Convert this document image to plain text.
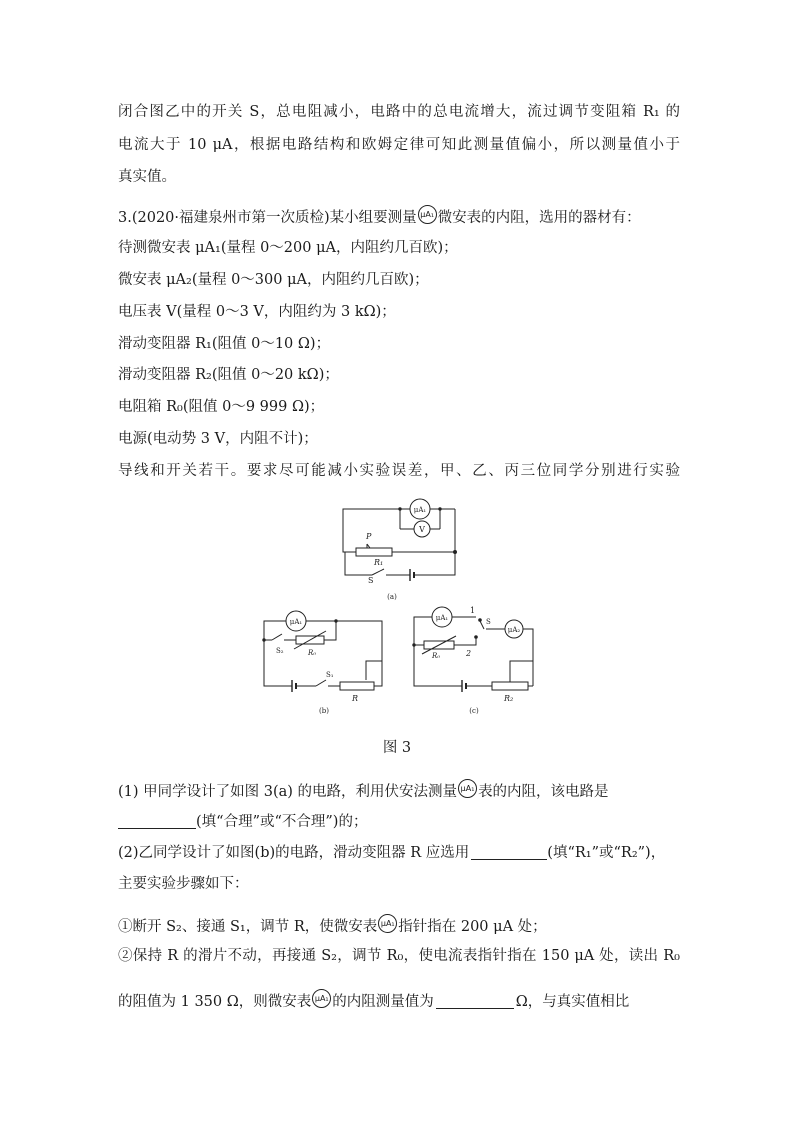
闭合图乙中的开关 S，总电阻减小，电路中的总电流增大，流过调节变阻箱 R₁ 的
电流大于 10 μA，根据电路结构和欧姆定律可知此测量值偏小，所以测量值小于
真实值。
3.(2020·福建泉州市第一次质检)某小组要测量 μA₁ 微安表的内阻，选用的器材有：
待测微安表 μA₁(量程 0～200 μA，内阻约几百欧)；
微安表 μA₂(量程 0～300 μA，内阻约几百欧)；
电压表 V(量程 0～3 V，内阻约为 3 kΩ)；
滑动变阻器 R₁(阻值 0～10 Ω)；
滑动变阻器 R₂(阻值 0～20 kΩ)；
电阻箱 R₀(阻值 0～9 999 Ω)；
电源(电动势 3 V，内阻不计)；
导线和开关若干。要求尽可能减小实验误差，甲、乙、丙三位同学分别进行实验
μA₁
V
P
R₁
S
(a)
μA₁
S₂	R₀
S₁
R
(b)
μA₁
μA₂
1
S
2
R₀
R₂
(c)
图 3
(1) 甲同学设计了如图 3(a) 的电路，利用伏安法测量 μA₁ 表的内阻，该电路是
(填“合理”或“不合理”)的；
(2)乙同学设计了如图(b)的电路，滑动变阻器 R 应选用	(填“R₁”或“R₂”)，
主要实验步骤如下：
①断开 S₂、接通 S₁，调节 R，使微安表 μA₁ 指针指在 200 μA 处；
②保持 R 的滑片不动，再接通 S₂，调节 R₀，使电流表指针指在 150 μA 处，读出 R₀
的阻值为 1 350 Ω，则微安表 μA₁ 的内阻测量值为	Ω，与真实值相比
